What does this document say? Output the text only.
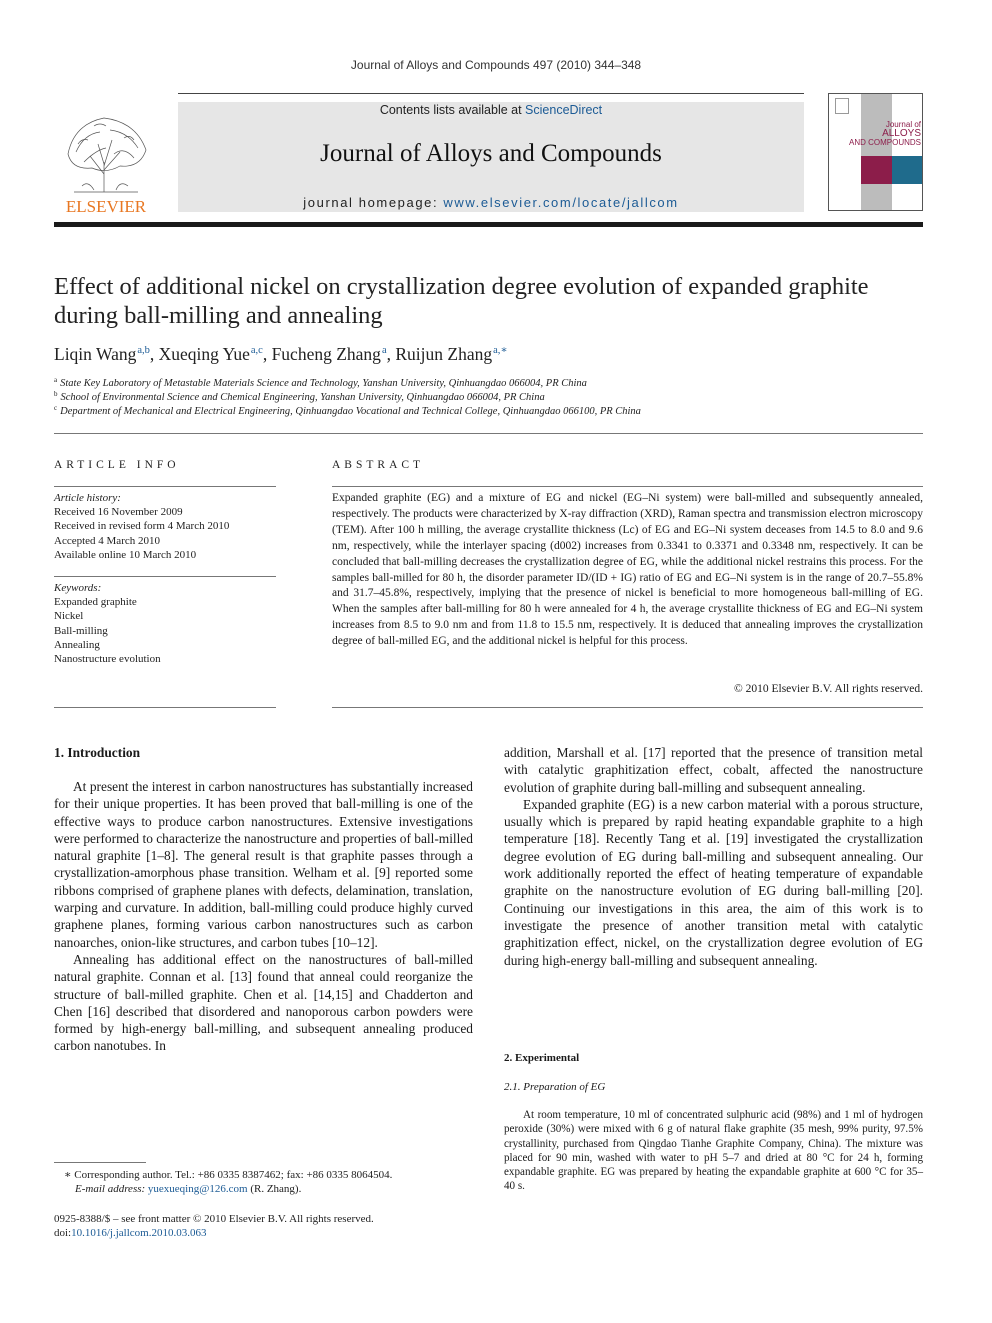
Journal of Alloys and Compounds 497 (2010) 344–348
ELSEVIER
Contents lists available at ScienceDirect
Journal of Alloys and Compounds
journal homepage: www.elsevier.com/locate/jallcom
Journal of
ALLOYS
AND COMPOUNDS
Effect of additional nickel on crystallization degree evolution of expanded graphite during ball-milling and annealing
Liqin Wang$^{a,b}$, Xueqing Yue$^{a,c}$, Fucheng Zhang$^a$, Ruijun Zhang$^{a,∗}$
$^a$ State Key Laboratory of Metastable Materials Science and Technology, Yanshan University, Qinhuangdao 066004, PR China
$^b$ School of Environmental Science and Chemical Engineering, Yanshan University, Qinhuangdao 066004, PR China
$^c$ Department of Mechanical and Electrical Engineering, Qinhuangdao Vocational and Technical College, Qinhuangdao 066100, PR China
ARTICLE INFO	ABSTRACT
Article history:
Received 16 November 2009
Received in revised form 4 March 2010
Accepted 4 March 2010
Available online 10 March 2010
Keywords:
Expanded graphite
Nickel
Ball-milling
Annealing
Nanostructure evolution
Expanded graphite (EG) and a mixture of EG and nickel (EG–Ni system) were ball-milled and subsequently annealed, respectively. The products were characterized by X-ray diffraction (XRD), Raman spectra and transmission electron microscopy (TEM). After 100 h milling, the average crystallite thickness (Lc) of EG and EG–Ni system deceases from 14.5 to 8.0 and 9.6 nm, respectively, while the interlayer spacing (d002) increases from 0.3341 to 0.3371 and 0.3348 nm, respectively. It can be concluded that ball-milling decreases the crystallization degree of EG, while the additional nickel restrains this process. For the samples ball-milled for 80 h, the disorder parameter ID/(ID + IG) ratio of EG and EG–Ni system is in the range of 20.7–55.8% and 31.7–45.8%, respectively, implying that the presence of nickel is beneficial to more homogeneous ball-milling of EG. When the samples after ball-milling for 80 h were annealed for 4 h, the average crystallite thickness of EG and EG–Ni system increases from 8.5 to 9.0 nm and from 11.8 to 15.5 nm, respectively. It is deduced that annealing improves the crystallization degree of ball-milled EG, and the additional nickel is helpful for this process.
© 2010 Elsevier B.V. All rights reserved.
1. Introduction

At present the interest in carbon nanostructures has substantially increased for their unique properties. It has been proved that ball-milling is one of the effective ways to produce carbon nanostructures. Extensive investigations were performed to characterize the nanostructure and properties of ball-milled natural graphite [1–8]. The general result is that graphite passes through a crystallization-amorphous phase transition. Welham et al. [9] reported some ribbons comprised of graphene planes with defects, delamination, translation, warping and curvature. In addition, ball-milling could produce highly curved graphene planes, forming various carbon nanostructures such as carbon nanoarches, onion-like structures, and carbon tubes [10–12].

Annealing has additional effect on the nanostructures of ball-milled natural graphite. Connan et al. [13] found that anneal could reorganize the structure of ball-milled graphite. Chen et al. [14,15] and Chadderton and Chen [16] described that disordered and nanoporous carbon powders were formed by high-energy ball-milling, and subsequent annealing produced carbon nanotubes. In

addition, Marshall et al. [17] reported that the presence of transition metal with catalytic graphitization effect, cobalt, affected the nanostructure evolution of graphite during ball-milling and subsequent annealing.

Expanded graphite (EG) is a new carbon material with a porous structure, usually which is prepared by rapid heating expandable graphite to a high temperature [18]. Recently Tang et al. [19] investigated the crystallization degree evolution of EG during ball-milling and subsequent annealing. Our work additionally reported the effect of heating temperature of expandable graphite on the nanostructure evolution of EG during ball-milling [20]. Continuing our investigations in this area, the aim of this work is to investigate the presence of another transition metal with catalytic graphitization effect, nickel, on the crystallization degree evolution of EG during high-energy ball-milling and subsequent annealing.

2. Experimental
2.1. Preparation of EG

At room temperature, 10 ml of concentrated sulphuric acid (98%) and 1 ml of hydrogen peroxide (30%) were mixed with 6 g of natural flake graphite (35 mesh, 99% purity, 97.5% crystallinity, purchased from Qingdao Tianhe Graphite Company, China). The mixture was placed for 90 min, washed with water to pH 5–7 and dried at 80 °C for 24 h, forming expandable graphite. EG was prepared by heating the expandable graphite at 600 °C for 35–40 s.

∗ Corresponding author. Tel.: +86 0335 8387462; fax: +86 0335 8064504.
E-mail address: yuexueqing@126.com (R. Zhang).
0925-8388/$ – see front matter © 2010 Elsevier B.V. All rights reserved.
doi:10.1016/j.jallcom.2010.03.063
